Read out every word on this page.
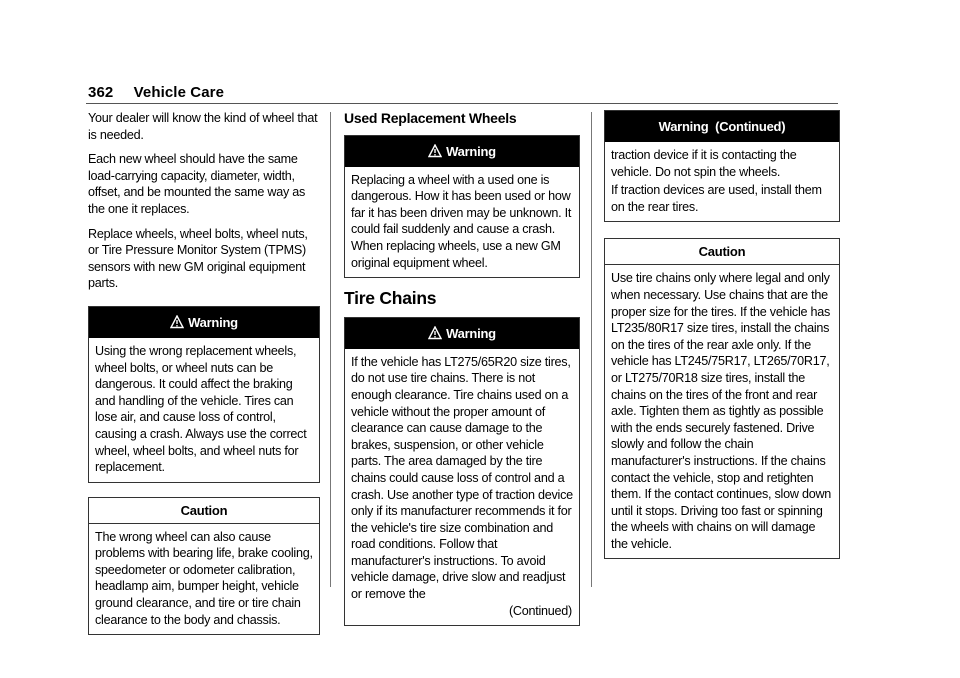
362 Vehicle Care

Your dealer will know the kind of wheel that is needed.

Each new wheel should have the same load-carrying capacity, diameter, width, offset, and be mounted the same way as the one it replaces.

Replace wheels, wheel bolts, wheel nuts, or Tire Pressure Monitor System (TPMS) sensors with new GM original equipment parts.

Warning
Using the wrong replacement wheels, wheel bolts, or wheel nuts can be dangerous. It could affect the braking and handling of the vehicle. Tires can lose air, and cause loss of control, causing a crash. Always use the correct wheel, wheel bolts, and wheel nuts for replacement.
Caution
The wrong wheel can also cause problems with bearing life, brake cooling, speedometer or odometer calibration, headlamp aim, bumper height, vehicle ground clearance, and tire or tire chain clearance to the body and chassis.
Used Replacement Wheels
Warning
Replacing a wheel with a used one is dangerous. How it has been used or how far it has been driven may be unknown. It could fail suddenly and cause a crash. When replacing wheels, use a new GM original equipment wheel.
Tire Chains
Warning
If the vehicle has LT275/65R20 size tires, do not use tire chains. There is not enough clearance. Tire chains used on a vehicle without the proper amount of clearance can cause damage to the brakes, suspension, or other vehicle parts. The area damaged by the tire chains could cause loss of control and a crash. Use another type of traction device only if its manufacturer recommends it for the vehicle's tire size combination and road conditions. Follow that manufacturer's instructions. To avoid vehicle damage, drive slow and readjust or remove the
(Continued)
Warning  (Continued)
traction device if it is contacting the vehicle. Do not spin the wheels.
If traction devices are used, install them on the rear tires.
Caution
Use tire chains only where legal and only when necessary. Use chains that are the proper size for the tires. If the vehicle has LT235/80R17 size tires, install the chains on the tires of the rear axle only. If the vehicle has LT245/75R17, LT265/70R17, or LT275/70R18 size tires, install the chains on the tires of the front and rear axle. Tighten them as tightly as possible with the ends securely fastened. Drive slowly and follow the chain manufacturer's instructions. If the chains contact the vehicle, stop and retighten them. If the contact continues, slow down until it stops. Driving too fast or spinning the wheels with chains on will damage the vehicle.
